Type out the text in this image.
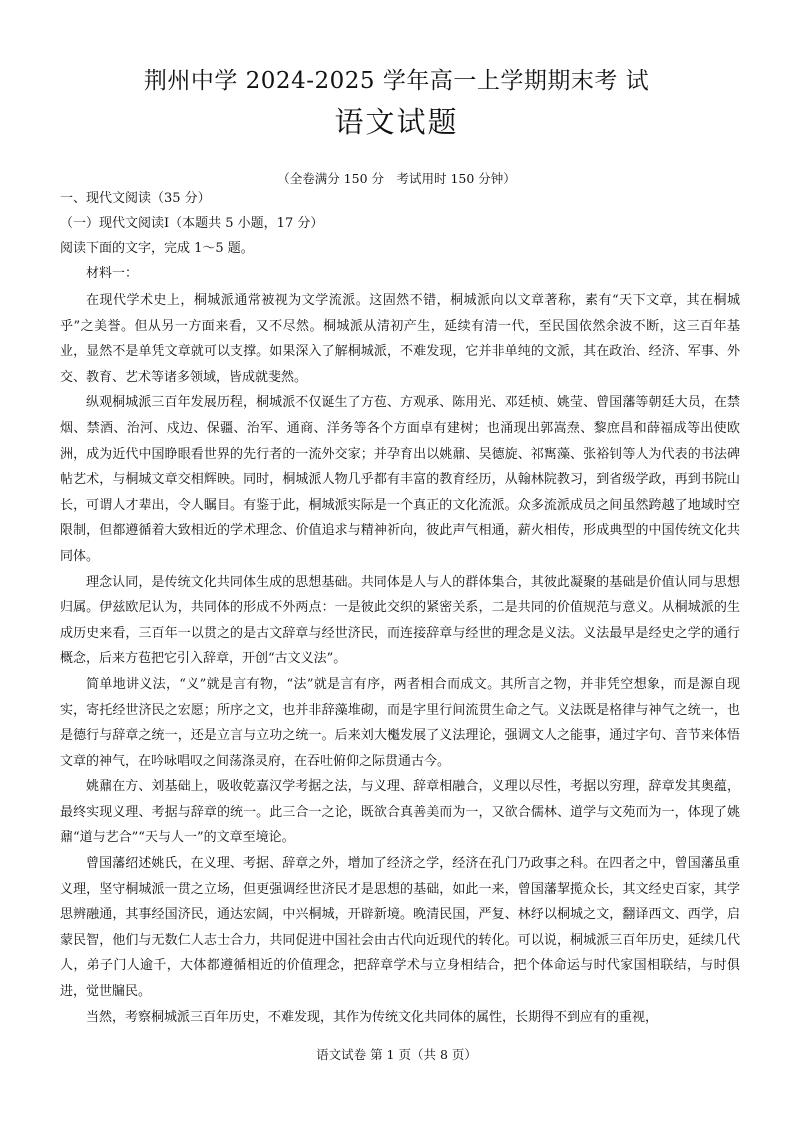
荆州中学 2024-2025 学年高一上学期期末考 试
语文试题
（全卷满分 150 分　考试用时 150 分钟）
一、现代文阅读（35 分）
（一）现代文阅读Ⅰ（本题共 5 小题，17 分）
阅读下面的文字，完成 1～5 题。
材料一：

在现代学术史上，桐城派通常被视为文学流派。这固然不错，桐城派向以文章著称，素有“天下文章，其在桐城乎”之美誉。但从另一方面来看，又不尽然。桐城派从清初产生，延续有清一代，至民国依然余波不断，这三百年基业，显然不是单凭文章就可以支撑。如果深入了解桐城派，不难发现，它并非单纯的文派，其在政治、经济、军事、外交、教育、艺术等诸多领域，皆成就斐然。

纵观桐城派三百年发展历程，桐城派不仅诞生了方苞、方观承、陈用光、邓廷桢、姚莹、曾国藩等朝廷大员，在禁烟、禁酒、治河、戍边、保疆、治军、通商、洋务等各个方面卓有建树；也涌现出郭嵩焘、黎庶昌和薛福成等出使欧洲，成为近代中国睁眼看世界的先行者的一流外交家；并孕育出以姚鼐、吴德旋、祁寯藻、张裕钊等人为代表的书法碑帖艺术，与桐城文章交相辉映。同时，桐城派人物几乎都有丰富的教育经历，从翰林院教习，到省级学政，再到书院山长，可谓人才辈出，令人瞩目。有鉴于此，桐城派实际是一个真正的文化流派。众多流派成员之间虽然跨越了地域时空限制，但都遵循着大致相近的学术理念、价值追求与精神祈向，彼此声气相通，薪火相传，形成典型的中国传统文化共同体。

理念认同，是传统文化共同体生成的思想基础。共同体是人与人的群体集合，其彼此凝聚的基础是价值认同与思想归属。伊兹欧尼认为，共同体的形成不外两点：一是彼此交织的紧密关系，二是共同的价值规范与意义。从桐城派的生成历史来看，三百年一以贯之的是古文辞章与经世济民，而连接辞章与经世的理念是义法。义法最早是经史之学的通行概念，后来方苞把它引入辞章，开创“古文义法”。

简单地讲义法，“义”就是言有物，“法”就是言有序，两者相合而成文。其所言之物，并非凭空想象，而是源自现实，寄托经世济民之宏愿；所序之文，也并非辞藻堆砌，而是字里行间流贯生命之气。义法既是格律与神气之统一，也是德行与辞章之统一，还是立言与立功之统一。后来刘大櫆发展了义法理论，强调文人之能事，通过字句、音节来体悟文章的神气，在吟咏唱叹之间荡涤灵府，在吞吐俯仰之际贯通古今。

姚鼐在方、刘基础上，吸收乾嘉汉学考据之法，与义理、辞章相融合，义理以尽性，考据以穷理，辞章发其奥蕴，最终实现义理、考据与辞章的统一。此三合一之论，既欲合真善美而为一，又欲合儒林、道学与文苑而为一，体现了姚鼐“道与艺合”“天与人一”的文章至境论。

曾国藩绍述姚氏，在义理、考据、辞章之外，增加了经济之学，经济在孔门乃政事之科。在四者之中，曾国藩虽重义理，坚守桐城派一贯之立场，但更强调经世济民才是思想的基础，如此一来，曾国藩挈揽众长，其文经史百家，其学思辨融通，其事经国济民，通达宏阔，中兴桐城，开辟新境。晚清民国，严复、林纾以桐城之文，翻译西文、西学，启蒙民智，他们与无数仁人志士合力，共同促进中国社会由古代向近现代的转化。可以说，桐城派三百年历史，延续几代人，弟子门人逾千，大体都遵循相近的价值理念，把辞章学术与立身相结合，把个体命运与时代家国相联结，与时俱进，觉世牖民。

当然，考察桐城派三百年历史，不难发现，其作为传统文化共同体的属性，长期得不到应有的重视，

语文试卷 第 1 页（共 8 页）
